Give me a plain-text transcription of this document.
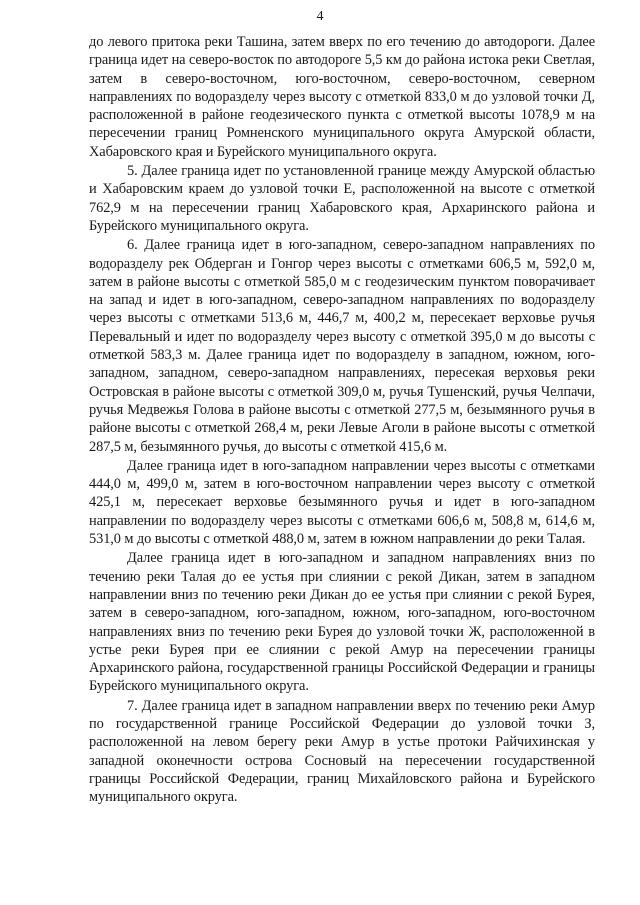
4

до левого притока реки Ташина, затем вверх по его течению до автодороги. Далее граница идет на северо-восток по автодороге 5,5 км до района истока реки Светлая, затем в северо-восточном, юго-восточном, северо-восточном, северном направлениях по водоразделу через высоту с отметкой 833,0 м до узловой точки Д, расположенной в районе геодезического пункта с отметкой высоты 1078,9 м на пересечении границ Ромненского муниципального округа Амурской области, Хабаровского края и Бурейского муниципального округа.

5. Далее граница идет по установленной границе между Амурской областью и Хабаровским краем до узловой точки Е, расположенной на высоте с отметкой 762,9 м на пересечении границ Хабаровского края, Архаринского района и Бурейского муниципального округа.

6. Далее граница идет в юго-западном, северо-западном направлениях по водоразделу рек Обдерган и Гонгор через высоты с отметками 606,5 м, 592,0 м, затем в районе высоты с отметкой 585,0 м с геодезическим пунктом поворачивает на запад и идет в юго-западном, северо-западном направлениях по водоразделу через высоты с отметками 513,6 м, 446,7 м, 400,2 м, пересекает верховье ручья Перевальный и идет по водоразделу через высоту с отметкой 395,0 м до высоты с отметкой 583,3 м. Далее граница идет по водоразделу в западном, южном, юго-западном, западном, северо-западном направлениях, пересекая верховья реки Островская в районе высоты с отметкой 309,0 м, ручья Тушенский, ручья Челпачи, ручья Медвежья Голова в районе высоты с отметкой 277,5 м, безымянного ручья в районе высоты с отметкой 268,4 м, реки Левые Аголи в районе высоты с отметкой 287,5 м, безымянного ручья, до высоты с отметкой 415,6 м.

Далее граница идет в юго-западном направлении через высоты с отметками 444,0 м, 499,0 м, затем в юго-восточном направлении через высоту с отметкой 425,1 м, пересекает верховье безымянного ручья и идет в юго-западном направлении по водоразделу через высоты с отметками 606,6 м, 508,8 м, 614,6 м, 531,0 м до высоты с отметкой 488,0 м, затем в южном направлении до реки Талая.

Далее граница идет в юго-западном и западном направлениях вниз по течению реки Талая до ее устья при слиянии с рекой Дикан, затем в западном направлении вниз по течению реки Дикан до ее устья при слиянии с рекой Бурея, затем в северо-западном, юго-западном, южном, юго-западном, юго-восточном направлениях вниз по течению реки Бурея до узловой точки Ж, расположенной в устье реки Бурея при ее слиянии с рекой Амур на пересечении границы Архаринского района, государственной границы Российской Федерации и границы Бурейского муниципального округа.

7. Далее граница идет в западном направлении вверх по течению реки Амур по государственной границе Российской Федерации до узловой точки З, расположенной на левом берегу реки Амур в устье протоки Райчихинская у западной оконечности острова Сосновый на пересечении государственной границы Российской Федерации, границ Михайловского района и Бурейского муниципального округа.
